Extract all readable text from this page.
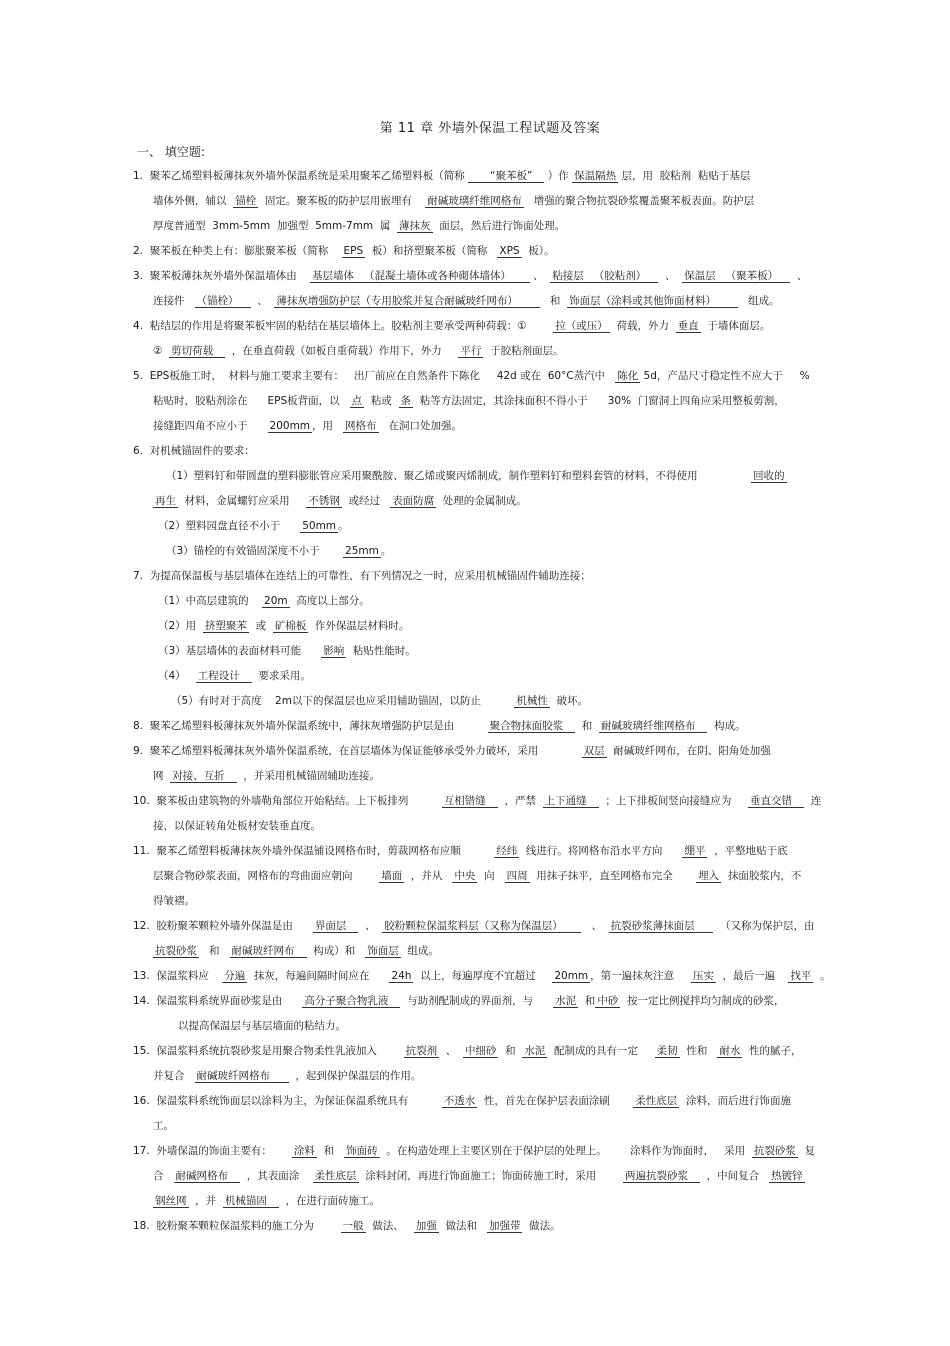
第 11 章 外墙外保温工程试题及答案
一、 填空题:
1.  聚苯乙烯塑料板薄抹灰外墙外保温系统是采用聚苯乙烯塑料板（简称       “聚苯板”    ）作 保温隔热 层，用  胶粘剂  粘贴于基层
墙体外侧，辅以  锚栓  固定。聚苯板的防护层用嵌埋有    耐碱玻璃纤维网格布   增强的聚合物抗裂砂浆覆盖聚苯板表面。防护层
厚度普通型  3mm-5mm  加强型  5mm-7mm  属  薄抹灰  面层，然后进行饰面处理。
2.  聚苯板在种类上有：膨胀聚苯板（简称    EPS  板）和挤塑聚苯板（简称   XPS  板）。
3.  聚苯板薄抹灰外墙外保温墙体由    基层墙体   （混凝土墙体或各种砌体墙体）      、  粘接层   （胶粘剂）     、  保温层   （聚苯板）     、
连接件   （锚栓）     、  薄抹灰增强防护层（专用胶浆并复合耐碱玻纤网布）         和  饰面层（涂料或其他饰面材料）         组成。
4.  粘结层的作用是将聚苯板牢固的粘结在基层墙体上。胶粘剂主要承受两种荷载：①        拉（或压）  荷载，外力  垂直  于墙体面层。
②  剪切荷载     ，在垂直荷载（如板自重荷载）作用下，外力     平行  于胶粘剂面层。
5.  EPS板施工时，  材料与施工要求主要有：   出厂前应在自然条件下陈化     42d 或在  60°C蒸汽中   陈化 5d，产品尺寸稳定性不应大于     %
粘贴时，胶粘剂涂在      EPS板背面，以   点  粘或  条  粘等方法固定，其涂抹面积不得小于      30%  门窗洞上四角应采用整板剪割，
接缝距四角不应小于      200mm ，用   网格布   在洞口处加强。
6.  对机械锚固件的要求：
（1）塑料钉和带圆盘的塑料膨胀管应采用聚酰胺、聚乙烯或聚丙烯制成，制作塑料钉和塑料套管的材料，不得使用                回收的
再生  材料，金属螺钉应采用     不锈钢  或经过   表面防腐  处理的金属制成。
（2）塑料园盘直径不小于      50mm 。
（3）锚栓的有效锚固深度不小于       25mm 。
7.  为提高保温板与基层墙体在连结上的可靠性，有下列情况之一时，应采用机械锚固件辅助连接；
（1）中高层建筑的    20m  高度以上部分。
（2）用  挤塑聚苯  或  矿棉板  作外保温层材料时。
（3）基层墙体的表面材料可能      影响  粘贴性能时。
（4）   工程设计     要求采用。
（5）有时对于高度    2m以下的保温层也应采用辅助锚固，以防止          机械性  破坏。
8.  聚苯乙烯塑料板薄抹灰外墙外保温系统中，薄抹灰增强防护层是由          聚合物抹面胶浆     和  耐碱玻璃纤维网格布     构成。
9.  聚苯乙烯塑料板薄抹灰外墙外保温系统，在首层墙体为保证能够承受外力破坏，采用             双层  耐碱玻纤网布，在阴、阳角处加强
网  对接、互折     ，并采用机械锚固辅助连接。
10.  聚苯板由建筑物的外墙勒角部位开始粘结。上下板排列          互相错缝     ，严禁  上下通缝     ；上下排板间竖向接缝应为     垂直交错     连
接，以保证转角处板材安装垂直度。
11.  聚苯乙烯塑料板薄抹灰外墙外保温铺设网格布时，剪裁网格布应顺          经纬  线进行。将网格布沿水平方向      绷平  ，平整地贴于底
层聚合物砂浆表面，网格布的弯曲面应朝向        墙面  ，并从   中央  向   四周  用抹子抹平，直至网格布完全       埋入  抹面胶浆内，不
得皱褶。
12.  胶粉聚苯颗粒外墙外保温是由      界面层     、  胶粉颗粒保温浆料层（又称为保温层）        、  抗裂砂浆薄抹面层       （又称为保护层，由
抗裂砂浆   和   耐碱玻纤网布     构成）和   饰面层  组成。
13.  保温浆料应    分遍  抹灰，每遍间隔时间应在      24h  以上，每遍厚度不宜超过     20mm ，第一遍抹灰注意     压实  ，最后一遍    找平  。
14.  保温浆料系统界面砂浆是由      高分子聚合物乳液     与助剂配制成的界面剂，与      水泥  和 中砂  按一定比例搅拌均匀制成的砂浆，
以提高保温层与基层墙面的粘结力。
15.  保温浆料系统抗裂砂浆是用聚合物柔性乳液加入        抗裂剂  、  中细砂  和  水泥  配制成的具有一定     柔韧  性和   耐水  性的腻子，
并复合   耐碱玻纤网格布       ，起到保护保温层的作用。
16.  保温浆料系统饰面层以涂料为主，为保证保温系统具有          不透水  性，首先在保护层表面涂刷       柔性底层  涂料，而后进行饰面施
工。
17.  外墙保温的饰面主要有：      涂料  和   饰面砖  。在构造处理上主要区别在于保护层的处理上。       涂料作为饰面时，   采用  抗裂砂浆  复
合   耐碱网格布     ，其表面涂    柔性底层  涂料封闭，再进行饰面施工；饰面砖施工时，采用        两遍抗裂砂浆     ，中间复合   热镀锌
钢丝网  ，并  机械锚固     ，在进行面砖施工。
18.  胶粉聚苯颗粒保温浆料的施工分为        一般  做法、   加强  做法和   加强带  做法。
